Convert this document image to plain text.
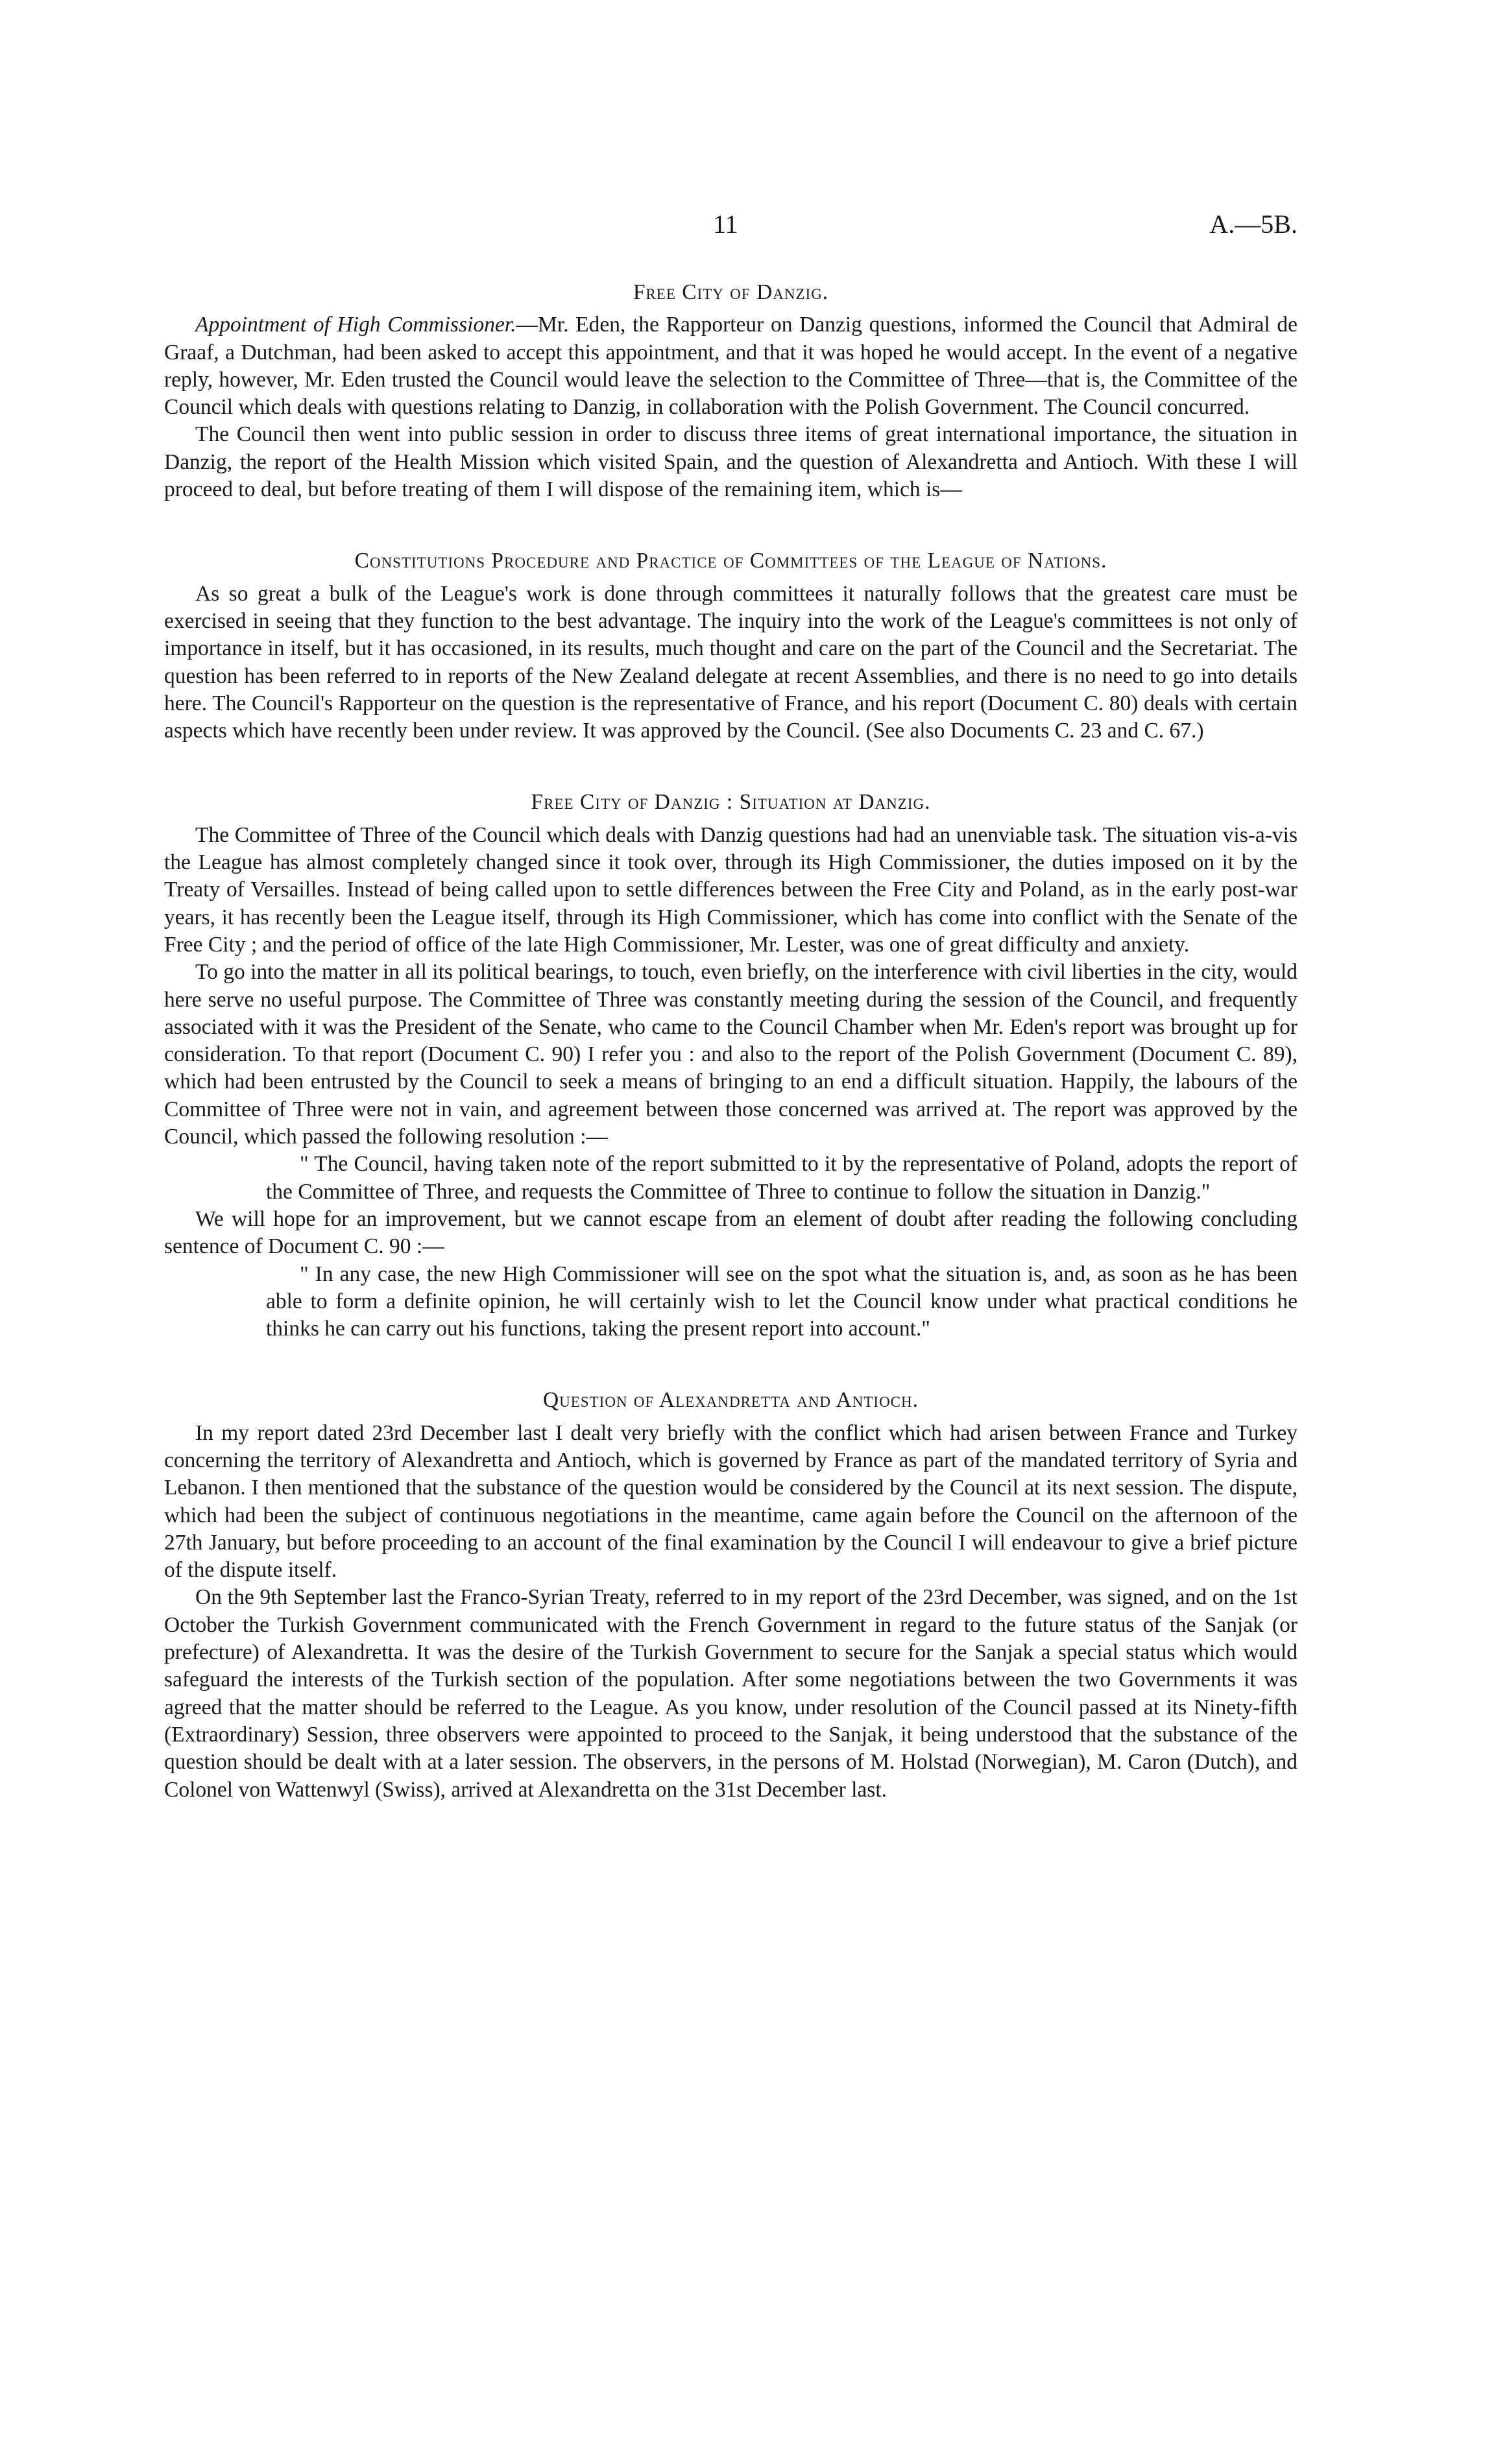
11	A.—5B.
Free City of Danzig.

Appointment of High Commissioner.—Mr. Eden, the Rapporteur on Danzig questions, informed the Council that Admiral de Graaf, a Dutchman, had been asked to accept this appointment, and that it was hoped he would accept. In the event of a negative reply, however, Mr. Eden trusted the Council would leave the selection to the Committee of Three—that is, the Committee of the Council which deals with questions relating to Danzig, in collaboration with the Polish Government. The Council concurred.

The Council then went into public session in order to discuss three items of great international importance, the situation in Danzig, the report of the Health Mission which visited Spain, and the question of Alexandretta and Antioch. With these I will proceed to deal, but before treating of them I will dispose of the remaining item, which is—

Constitutions Procedure and Practice of Committees of the League of Nations.

As so great a bulk of the League's work is done through committees it naturally follows that the greatest care must be exercised in seeing that they function to the best advantage. The inquiry into the work of the League's committees is not only of importance in itself, but it has occasioned, in its results, much thought and care on the part of the Council and the Secretariat. The question has been referred to in reports of the New Zealand delegate at recent Assemblies, and there is no need to go into details here. The Council's Rapporteur on the question is the representative of France, and his report (Document C. 80) deals with certain aspects which have recently been under review. It was approved by the Council. (See also Documents C. 23 and C. 67.)

Free City of Danzig : Situation at Danzig.

The Committee of Three of the Council which deals with Danzig questions had had an unenviable task. The situation vis-a-vis the League has almost completely changed since it took over, through its High Commissioner, the duties imposed on it by the Treaty of Versailles. Instead of being called upon to settle differences between the Free City and Poland, as in the early post-war years, it has recently been the League itself, through its High Commissioner, which has come into conflict with the Senate of the Free City ; and the period of office of the late High Commissioner, Mr. Lester, was one of great difficulty and anxiety.

To go into the matter in all its political bearings, to touch, even briefly, on the interference with civil liberties in the city, would here serve no useful purpose. The Committee of Three was constantly meeting during the session of the Council, and frequently associated with it was the President of the Senate, who came to the Council Chamber when Mr. Eden's report was brought up for consideration. To that report (Document C. 90) I refer you : and also to the report of the Polish Government (Document C. 89), which had been entrusted by the Council to seek a means of bringing to an end a difficult situation. Happily, the labours of the Committee of Three were not in vain, and agreement between those concerned was arrived at. The report was approved by the Council, which passed the following resolution :—

" The Council, having taken note of the report submitted to it by the representative of Poland, adopts the report of the Committee of Three, and requests the Committee of Three to continue to follow the situation in Danzig."

We will hope for an improvement, but we cannot escape from an element of doubt after reading the following concluding sentence of Document C. 90 :—

" In any case, the new High Commissioner will see on the spot what the situation is, and, as soon as he has been able to form a definite opinion, he will certainly wish to let the Council know under what practical conditions he thinks he can carry out his functions, taking the present report into account."

Question of Alexandretta and Antioch.

In my report dated 23rd December last I dealt very briefly with the conflict which had arisen between France and Turkey concerning the territory of Alexandretta and Antioch, which is governed by France as part of the mandated territory of Syria and Lebanon. I then mentioned that the substance of the question would be considered by the Council at its next session. The dispute, which had been the subject of continuous negotiations in the meantime, came again before the Council on the afternoon of the 27th January, but before proceeding to an account of the final examination by the Council I will endeavour to give a brief picture of the dispute itself.

On the 9th September last the Franco-Syrian Treaty, referred to in my report of the 23rd December, was signed, and on the 1st October the Turkish Government communicated with the French Government in regard to the future status of the Sanjak (or prefecture) of Alexandretta. It was the desire of the Turkish Government to secure for the Sanjak a special status which would safeguard the interests of the Turkish section of the population. After some negotiations between the two Governments it was agreed that the matter should be referred to the League. As you know, under resolution of the Council passed at its Ninety-fifth (Extraordinary) Session, three observers were appointed to proceed to the Sanjak, it being understood that the substance of the question should be dealt with at a later session. The observers, in the persons of M. Holstad (Norwegian), M. Caron (Dutch), and Colonel von Wattenwyl (Swiss), arrived at Alexandretta on the 31st December last.
